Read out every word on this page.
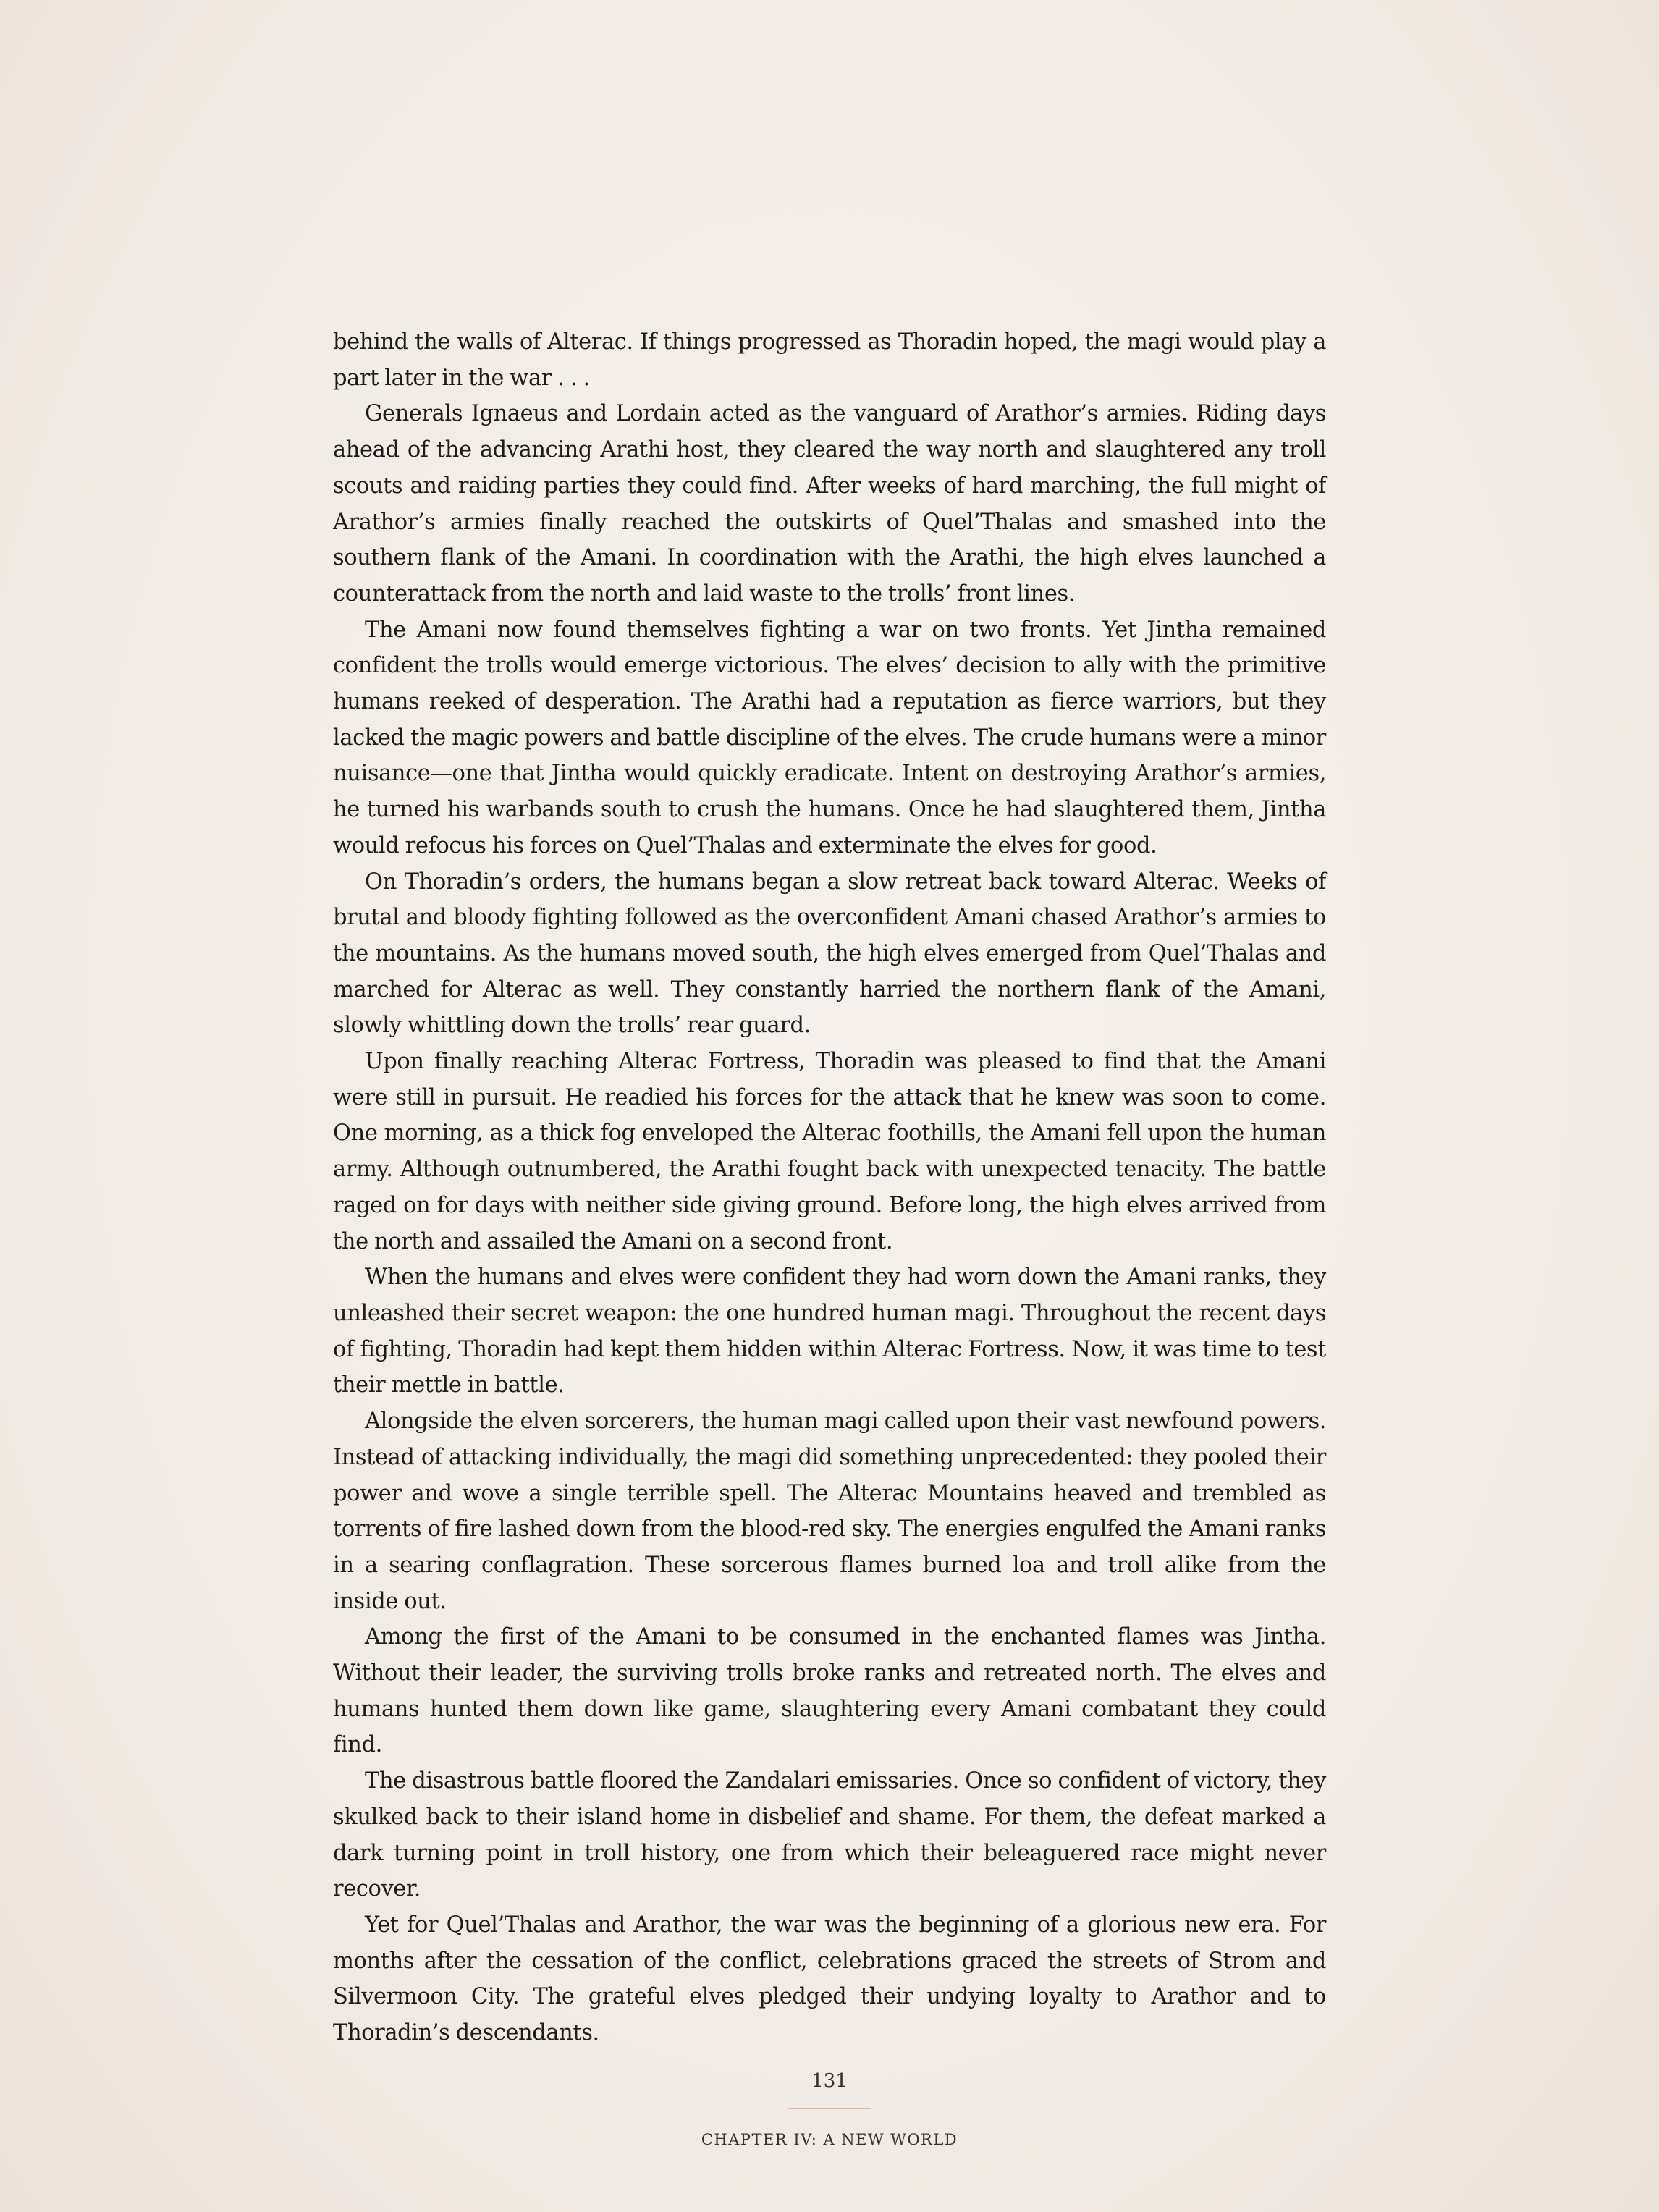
behind the walls of Alterac. If things progressed as Thoradin hoped, the magi would play a part later in the war . . .

Generals Ignaeus and Lordain acted as the vanguard of Arathor’s armies. Riding days ahead of the advancing Arathi host, they cleared the way north and slaughtered any troll scouts and raiding parties they could find. After weeks of hard marching, the full might of Arathor’s armies finally reached the outskirts of Quel’Thalas and smashed into the southern flank of the Amani. In coordination with the Arathi, the high elves launched a counterattack from the north and laid waste to the trolls’ front lines.

The Amani now found themselves fighting a war on two fronts. Yet Jintha remained confident the trolls would emerge victorious. The elves’ decision to ally with the primitive humans reeked of desperation. The Arathi had a reputation as fierce warriors, but they lacked the magic powers and battle discipline of the elves. The crude humans were a minor nuisance—one that Jintha would quickly eradicate. Intent on destroying Arathor’s armies, he turned his warbands south to crush the humans. Once he had slaughtered them, Jintha would refocus his forces on Quel’Thalas and exterminate the elves for good.

On Thoradin’s orders, the humans began a slow retreat back toward Alterac. Weeks of brutal and bloody fighting followed as the overconfident Amani chased Arathor’s armies to the mountains. As the humans moved south, the high elves emerged from Quel’Thalas and marched for Alterac as well. They constantly harried the northern flank of the Amani, slowly whittling down the trolls’ rear guard.

Upon finally reaching Alterac Fortress, Thoradin was pleased to find that the Amani were still in pursuit. He readied his forces for the attack that he knew was soon to come. One morning, as a thick fog enveloped the Alterac foothills, the Amani fell upon the human army. Although outnumbered, the Arathi fought back with unexpected tenacity. The battle raged on for days with neither side giving ground. Before long, the high elves arrived from the north and assailed the Amani on a second front.

When the humans and elves were confident they had worn down the Amani ranks, they unleashed their secret weapon: the one hundred human magi. Throughout the recent days of fighting, Thoradin had kept them hidden within Alterac Fortress. Now, it was time to test their mettle in battle.

Alongside the elven sorcerers, the human magi called upon their vast newfound powers. Instead of attacking individually, the magi did something unprecedented: they pooled their power and wove a single terrible spell. The Alterac Mountains heaved and trembled as torrents of fire lashed down from the blood-red sky. The energies engulfed the Amani ranks in a searing conflagration. These sorcerous flames burned loa and troll alike from the inside out.

Among the first of the Amani to be consumed in the enchanted flames was Jintha. Without their leader, the surviving trolls broke ranks and retreated north. The elves and humans hunted them down like game, slaughtering every Amani combatant they could find.

The disastrous battle floored the Zandalari emissaries. Once so confident of victory, they skulked back to their island home in disbelief and shame. For them, the defeat marked a dark turning point in troll history, one from which their beleaguered race might never recover.

Yet for Quel’Thalas and Arathor, the war was the beginning of a glorious new era. For months after the cessation of the conflict, celebrations graced the streets of Strom and Silvermoon City. The grateful elves pledged their undying loyalty to Arathor and to Thoradin’s descendants.

131
CHAPTER IV: A NEW WORLD
